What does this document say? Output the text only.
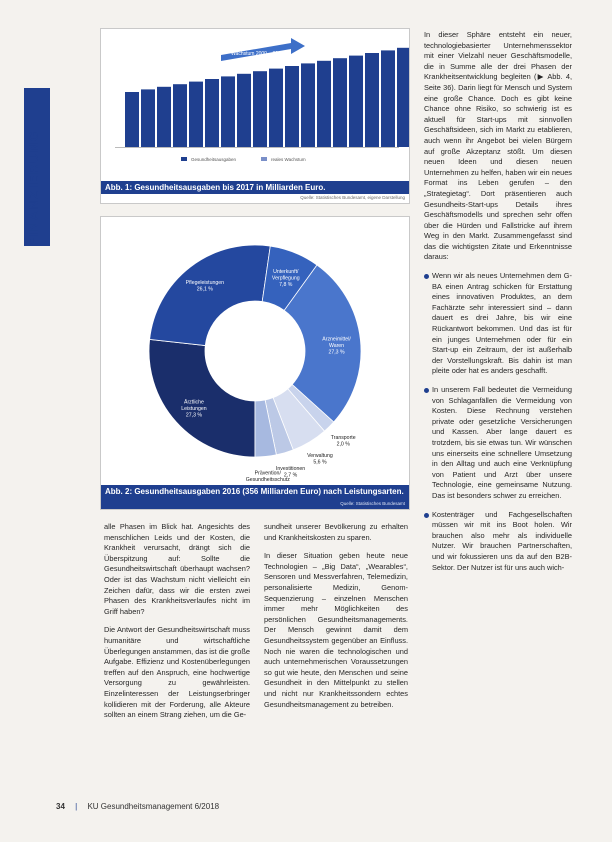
FINANZIERUNG
Wachstum 2000 – 2017
Gesundheitsausgaben	reales Wachstum
Abb. 1: Gesundheitsausgaben bis 2017 in Milliarden Euro.
Quelle: Statistisches Bundesamt, eigene Darstellung
Ärztliche
Leistungen
27,3 %
Pflegeleistungen
26,1 %
Unterkunft/
Verpflegung
7,8 %
Arzneimittel/
Waren
27,3 %
Transporte
2,0 %
Verwaltung
5,6 %
Investitionen
2,7 %
Prävention/
Gesundheitsschutz
Abb. 2: Gesundheitsausgaben 2016 (356 Milliarden Euro) nach Leistungsarten.
Quelle: Statistisches Bundesamt

alle Phasen im Blick hat. Angesichts des menschlichen Leids und der Kosten, die Krankheit verursacht, drängt sich die Überspitzung auf: Sollte die Gesundheitswirtschaft überhaupt wachsen? Oder ist das Wachstum nicht vielleicht ein Zeichen dafür, dass wir die ersten zwei Phasen des Krankheitsverlaufes nicht im Griff haben?

Die Antwort der Gesundheitswirtschaft muss humanitäre und wirtschaftliche Überlegungen anstammen, das ist die große Aufgabe. Effizienz und Kostenüberlegungen treffen auf den Anspruch, eine hochwertige Versorgung zu gewährleisten. Einzelinteressen der Leistungserbringer kollidieren mit der Forderung, alle Akteure sollten an einem Strang ziehen, um die Ge-

sundheit unserer Bevölkerung zu erhalten und Krankheitskosten zu sparen.

In dieser Situation geben heute neue Technologien – „Big Data“, „Wearables“, Sensoren und Messverfahren, Telemedizin, personalisierte Medizin, Genom-Sequenzierung – einzelnen Menschen immer mehr Möglichkeiten des persönlichen Gesundheitsmanagements. Der Mensch gewinnt damit dem Gesundheitssystem gegenüber an Einfluss. Noch nie waren die technologischen und auch unternehmerischen Voraussetzungen so gut wie heute, den Menschen und seine Gesundheit in den Mittelpunkt zu stellen und nicht nur Krankheitssondern echtes Gesundheitsmanagement zu betreiben.

In dieser Sphäre entsteht ein neuer, technologiebasierter Unternehmenssektor mit einer Vielzahl neuer Geschäftsmodelle, die in Summe alle der drei Phasen der Krankheitsentwicklung begleiten (▶ Abb. 4, Seite 36). Darin liegt für Mensch und System eine große Chance. Doch es gibt keine Chance ohne Risiko, so schwierig ist es aktuell für Start-ups mit sinnvollen Geschäftsideen, sich im Markt zu etablieren, auch wenn ihr Angebot bei vielen Bürgern auf große Akzeptanz stößt. Um diesen neuen Ideen und diesen neuen Unternehmen zu helfen, haben wir ein neues Format ins Leben gerufen – den „Strategietag“. Dort präsentieren auch Gesundheits-Start-ups Details ihres Geschäftsmodells und sprechen sehr offen über die Hürden und Fallstricke auf ihrem Weg in den Markt. Zusammengefasst sind das die wichtigsten Zitate und Erkenntnisse daraus:

Wenn wir als neues Unternehmen dem G-BA einen Antrag schicken für Erstattung eines innovativen Produktes, an dem Fachärzte sehr interessiert sind – dann dauert es drei Jahre, bis wir eine Rückantwort bekommen. Und das ist für ein junges Unternehmen oder für ein Start-up ein Zeitraum, der ist außerhalb der Vorstellungskraft. Bis dahin ist man pleite oder hat es anders geschafft.
In unserem Fall bedeutet die Vermeidung von Schlaganfällen die Vermeidung von Kosten. Diese Rechnung verstehen private oder gesetzliche Versicherungen und Kassen. Aber lange dauert es trotzdem, bis sie etwas tun. Wir wünschen uns einerseits eine schnellere Umsetzung in den Alltag und auch eine Verknüpfung von Patient und Arzt über unsere Technologie, eine gemeinsame Nutzung. Das ist besonders schwer zu erreichen.
Kostenträger und Fachgesellschaften müssen wir mit ins Boot holen. Wir brauchen also mehr als individuelle Nutzer. Wir brauchen Partnerschaften, und wir fokussieren uns da auf den B2B-Sektor. Der Nutzer ist für uns auch wich-
34 | KU Gesundheitsmanagement 6/2018
